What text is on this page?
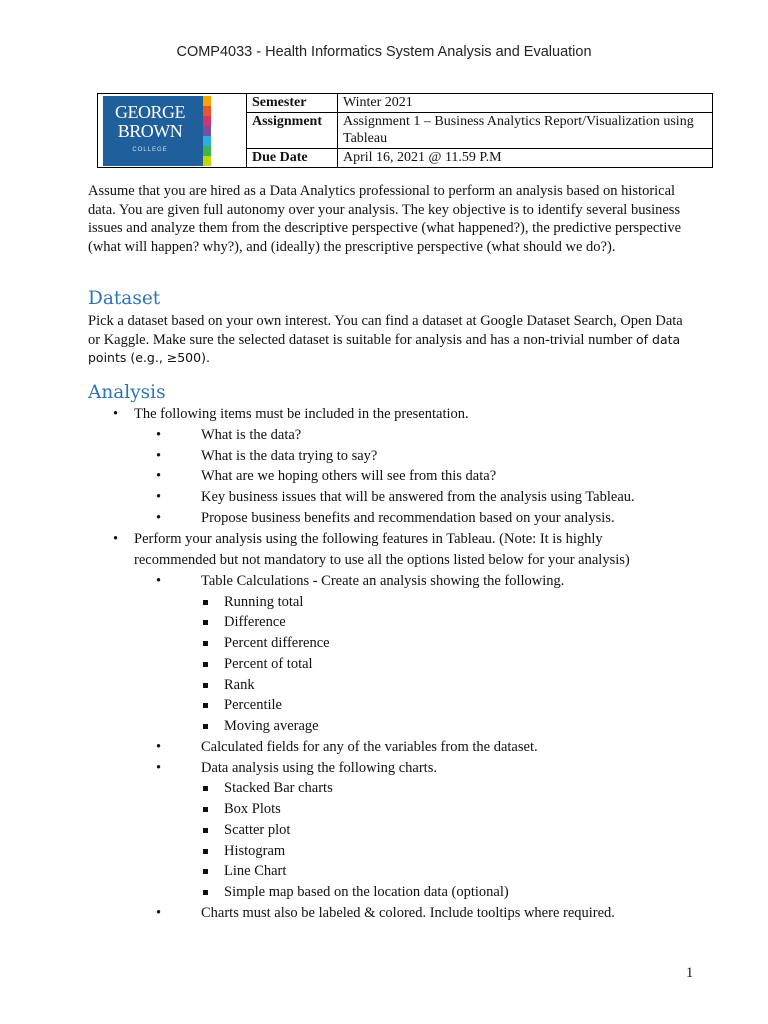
COMP4033 - Health Informatics System Analysis and Evaluation
GEORGE
BROWN
COLLEGE	Semester	Winter 2021
	Assignment	Assignment 1 – Business Analytics Report/Visualization using Tableau
	Due Date	April 16, 2021 @ 11.59 P.M
Assume that you are hired as a Data Analytics professional to perform an analysis based on historical data. You are given full autonomy over your analysis. The key objective is to identify several business issues and analyze them from the descriptive perspective (what happened?), the predictive perspective (what will happen? why?), and (ideally) the prescriptive perspective (what should we do?).
Dataset
Pick a dataset based on your own interest. You can find a dataset at Google Dataset Search, Open Data or Kaggle. Make sure the selected dataset is suitable for analysis and has a non-trivial number of data points (e.g., ≥500).
Analysis
• The following items must be included in the presentation.
•	What is the data?
•	What is the data trying to say?
•	What are we hoping others will see from this data?
•	Key business issues that will be answered from the analysis using Tableau.
•	Propose business benefits and recommendation based on your analysis.
• Perform your analysis using the following features in Tableau. (Note: It is highly
recommended but not mandatory to use all the options listed below for your analysis)
•	Table Calculations - Create an analysis showing the following.
Running total
Difference
Percent difference
Percent of total
Rank
Percentile
Moving average
•	Calculated fields for any of the variables from the dataset.
•	Data analysis using the following charts.
Stacked Bar charts
Box Plots
Scatter plot
Histogram
Line Chart
Simple map based on the location data (optional)
•	Charts must also be labeled & colored. Include tooltips where required.
1
